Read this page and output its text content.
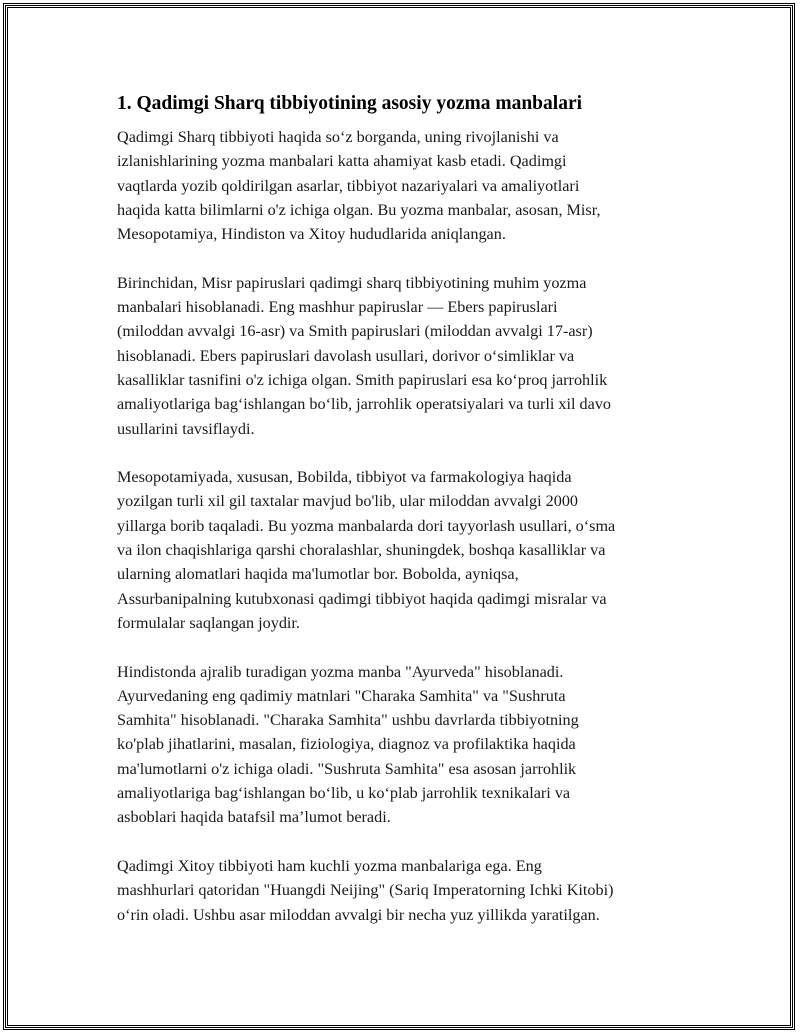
1. Qadimgi Sharq tibbiyotining asosiy yozma manbalari

Qadimgi Sharq tibbiyoti haqida so‘z borganda, uning rivojlanishi va
izlanishlarining yozma manbalari katta ahamiyat kasb etadi. Qadimgi
vaqtlarda yozib qoldirilgan asarlar, tibbiyot nazariyalari va amaliyotlari
haqida katta bilimlarni o'z ichiga olgan. Bu yozma manbalar, asosan, Misr,
Mesopotamiya, Hindiston va Xitoy hududlarida aniqlangan.

Birinchidan, Misr papiruslari qadimgi sharq tibbiyotining muhim yozma
manbalari hisoblanadi. Eng mashhur papiruslar — Ebers papiruslari
(miloddan avvalgi 16-asr) va Smith papiruslari (miloddan avvalgi 17-asr)
hisoblanadi. Ebers papiruslari davolash usullari, dorivor o‘simliklar va
kasalliklar tasnifini o'z ichiga olgan. Smith papiruslari esa ko‘proq jarrohlik
amaliyotlariga bag‘ishlangan bo‘lib, jarrohlik operatsiyalari va turli xil davo
usullarini tavsiflaydi.

Mesopotamiyada, xususan, Bobilda, tibbiyot va farmakologiya haqida
yozilgan turli xil gil taxtalar mavjud bo'lib, ular miloddan avvalgi 2000
yillarga borib taqaladi. Bu yozma manbalarda dori tayyorlash usullari, o‘sma
va ilon chaqishlariga qarshi choralashlar, shuningdek, boshqa kasalliklar va
ularning alomatlari haqida ma'lumotlar bor. Bobolda, ayniqsa,
Assurbanipalning kutubxonasi qadimgi tibbiyot haqida qadimgi misralar va
formulalar saqlangan joydir.

Hindistonda ajralib turadigan yozma manba "Ayurveda" hisoblanadi.
Ayurvedaning eng qadimiy matnlari "Charaka Samhita" va "Sushruta
Samhita" hisoblanadi. "Charaka Samhita" ushbu davrlarda tibbiyotning
ko'plab jihatlarini, masalan, fiziologiya, diagnoz va profilaktika haqida
ma'lumotlarni o'z ichiga oladi. "Sushruta Samhita" esa asosan jarrohlik
amaliyotlariga bag‘ishlangan bo‘lib, u ko‘plab jarrohlik texnikalari va
asboblari haqida batafsil ma’lumot beradi.

Qadimgi Xitoy tibbiyoti ham kuchli yozma manbalariga ega. Eng
mashhurlari qatoridan "Huangdi Neijing" (Sariq Imperatorning Ichki Kitobi)
o‘rin oladi. Ushbu asar miloddan avvalgi bir necha yuz yillikda yaratilgan.
